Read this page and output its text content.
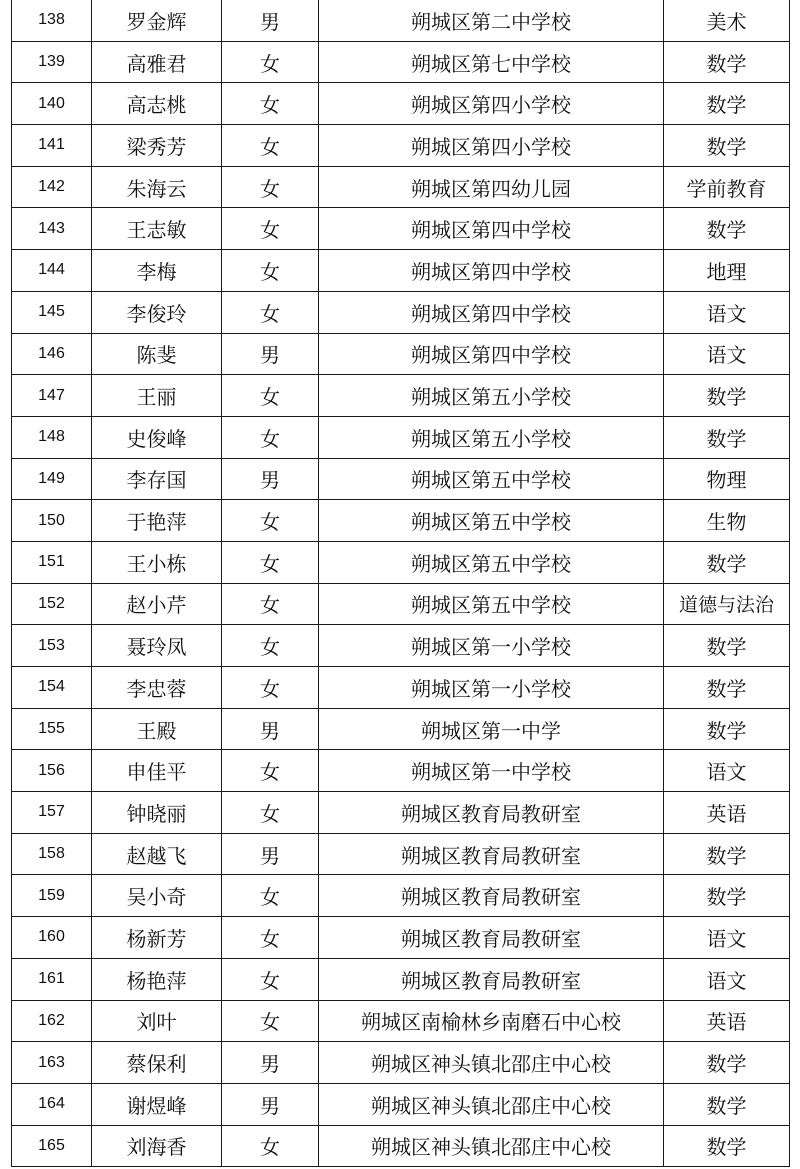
138	罗金辉	男	朔城区第二中学校	美术
139	高雅君	女	朔城区第七中学校	数学
140	高志桃	女	朔城区第四小学校	数学
141	梁秀芳	女	朔城区第四小学校	数学
142	朱海云	女	朔城区第四幼儿园	学前教育
143	王志敏	女	朔城区第四中学校	数学
144	李梅	女	朔城区第四中学校	地理
145	李俊玲	女	朔城区第四中学校	语文
146	陈斐	男	朔城区第四中学校	语文
147	王丽	女	朔城区第五小学校	数学
148	史俊峰	女	朔城区第五小学校	数学
149	李存国	男	朔城区第五中学校	物理
150	于艳萍	女	朔城区第五中学校	生物
151	王小栋	女	朔城区第五中学校	数学
152	赵小芹	女	朔城区第五中学校	道德与法治
153	聂玲凤	女	朔城区第一小学校	数学
154	李忠蓉	女	朔城区第一小学校	数学
155	王殿	男	朔城区第一中学	数学
156	申佳平	女	朔城区第一中学校	语文
157	钟晓丽	女	朔城区教育局教研室	英语
158	赵越飞	男	朔城区教育局教研室	数学
159	吴小奇	女	朔城区教育局教研室	数学
160	杨新芳	女	朔城区教育局教研室	语文
161	杨艳萍	女	朔城区教育局教研室	语文
162	刘叶	女	朔城区南榆林乡南磨石中心校	英语
163	蔡保利	男	朔城区神头镇北邵庄中心校	数学
164	谢煜峰	男	朔城区神头镇北邵庄中心校	数学
165	刘海香	女	朔城区神头镇北邵庄中心校	数学
